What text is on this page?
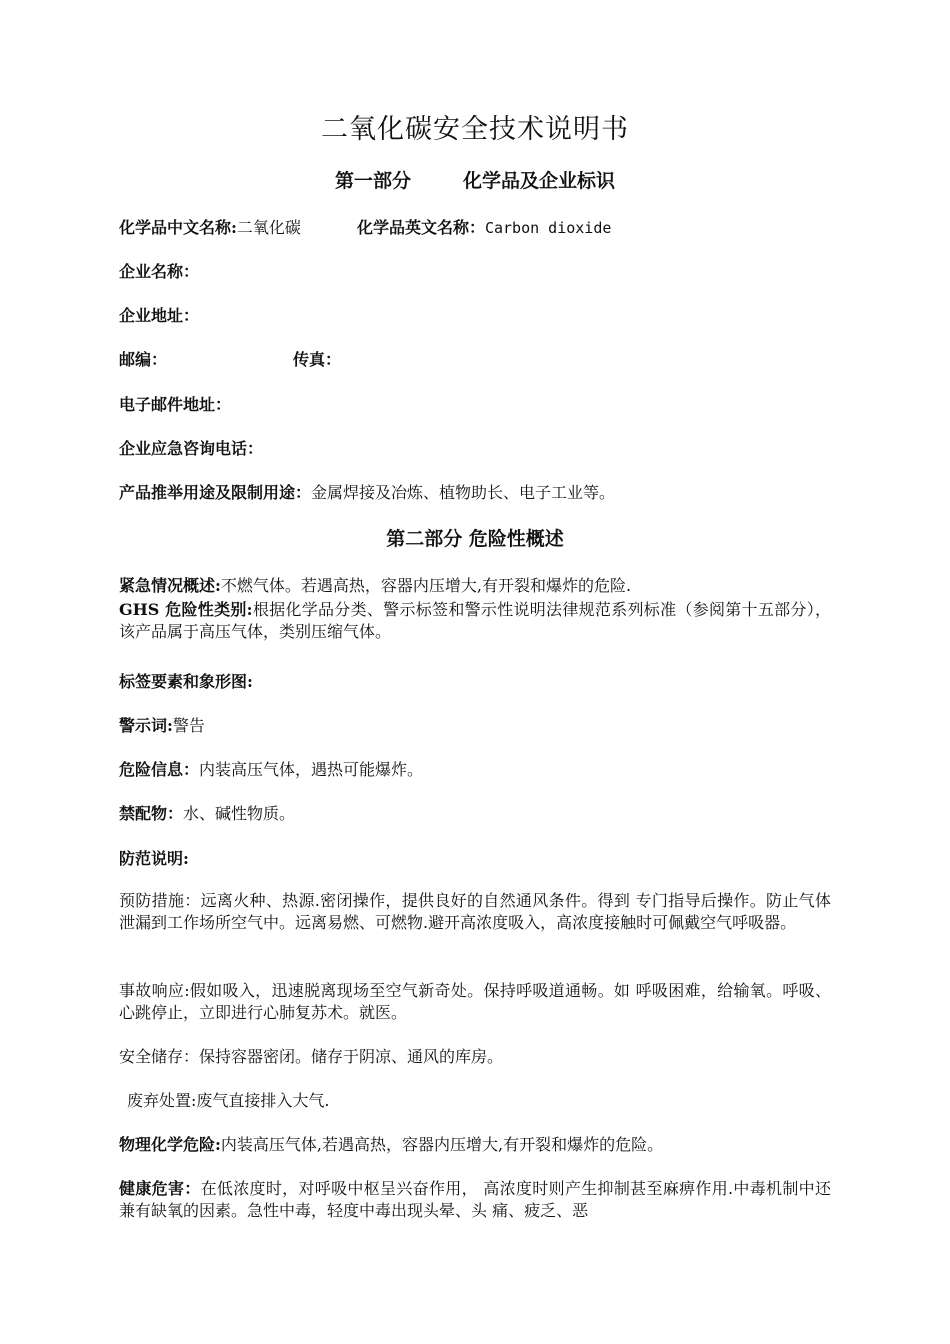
二氧化碳安全技术说明书
第一部分	化学品及企业标识
化学品中文名称:二氧化碳	化学品英文名称：Carbon dioxide
企业名称：
企业地址：
邮编：	传真：
电子邮件地址：
企业应急咨询电话：
产品推举用途及限制用途：金属焊接及冶炼、植物助长、电子工业等。
第二部分 危险性概述
紧急情况概述:不燃气体。若遇高热，容器内压增大,有开裂和爆炸的危险.
GHS 危险性类别:根据化学品分类、警示标签和警示性说明法律规范系列标准（参阅第十五部分），该产品属于高压气体，类别压缩气体。
标签要素和象形图:
警示词:警告
危险信息：内装高压气体，遇热可能爆炸。
禁配物：水、碱性物质。
防范说明:
预防措施：远离火种、热源.密闭操作，提供良好的自然通风条件。得到 专门指导后操作。防止气体泄漏到工作场所空气中。远离易燃、可燃物.避开高浓度吸入，高浓度接触时可佩戴空气呼吸器。
事故响应:假如吸入，迅速脱离现场至空气新奇处。保持呼吸道通畅。如 呼吸困难，给输氧。呼吸、心跳停止，立即进行心肺复苏术。就医。
安全储存：保持容器密闭。储存于阴凉、通风的库房。
废弃处置:废气直接排入大气.
物理化学危险:内装高压气体,若遇高热，容器内压增大,有开裂和爆炸的危险。
健康危害：在低浓度时，对呼吸中枢呈兴奋作用， 高浓度时则产生抑制甚至麻痹作用.中毒机制中还兼有缺氧的因素。急性中毒，轻度中毒出现头晕、头 痛、疲乏、恶
